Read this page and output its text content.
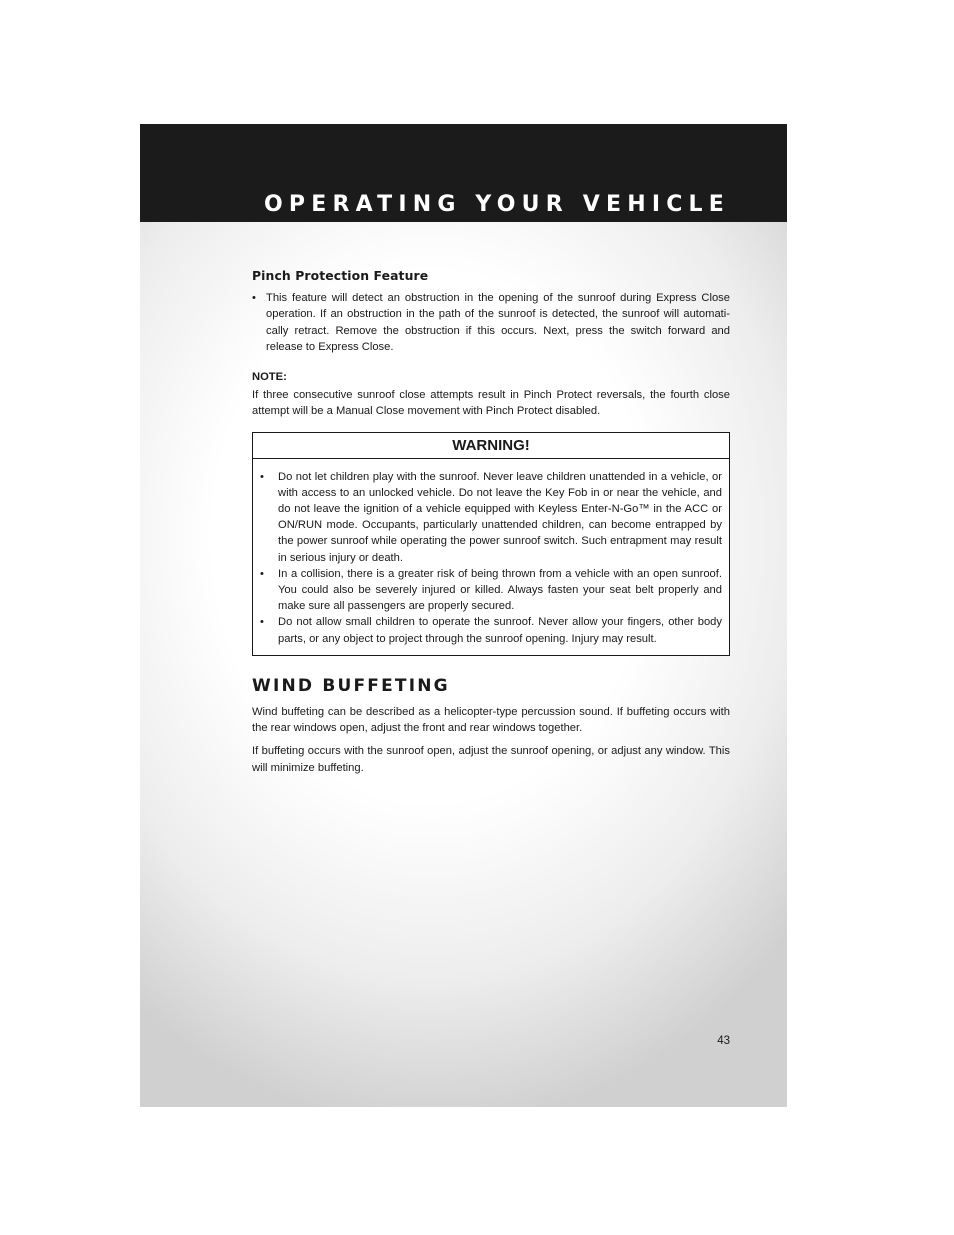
OPERATING YOUR VEHICLE
Pinch Protection Feature
• This feature will detect an obstruction in the opening of the sunroof during Express Close operation. If an obstruction in the path of the sunroof is detected, the sunroof will automati- cally retract. Remove the obstruction if this occurs. Next, press the switch forward and release to Express Close.
NOTE:

If three consecutive sunroof close attempts result in Pinch Protect reversals, the fourth close attempt will be a Manual Close movement with Pinch Protect disabled.

WARNING!
• Do not let children play with the sunroof. Never leave children unattended in a vehicle, or with access to an unlocked vehicle. Do not leave the Key Fob in or near the vehicle, and do not leave the ignition of a vehicle equipped with Keyless Enter-N-Go™ in the ACC or ON/RUN mode. Occupants, particularly unattended children, can become entrapped by the power sunroof while operating the power sunroof switch. Such entrapment may result in serious injury or death.
• In a collision, there is a greater risk of being thrown from a vehicle with an open sunroof. You could also be severely injured or killed. Always fasten your seat belt properly and make sure all passengers are properly secured.
• Do not allow small children to operate the sunroof. Never allow your fingers, other body parts, or any object to project through the sunroof opening. Injury may result.
WIND BUFFETING

Wind buffeting can be described as a helicopter-type percussion sound. If buffeting occurs with the rear windows open, adjust the front and rear windows together.

If buffeting occurs with the sunroof open, adjust the sunroof opening, or adjust any window. This will minimize buffeting.

43
